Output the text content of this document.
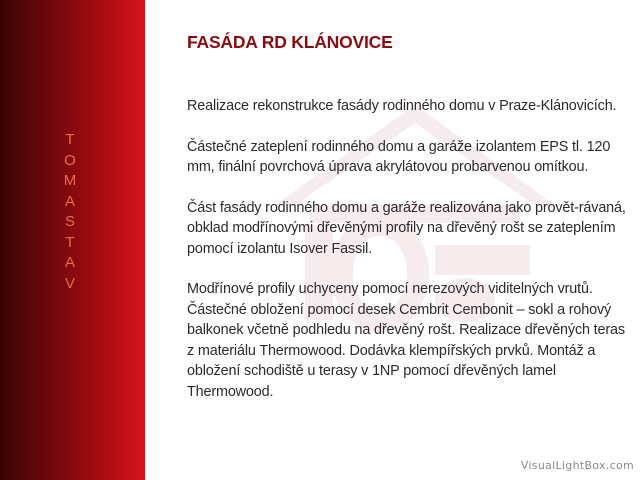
T
O
M
A
S
T
A
V
FASÁDA RD KLÁNOVICE

Realizace rekonstrukce fasády rodinného domu v Praze-Klánovicích.

Částečné zateplení rodinného domu a garáže izolantem EPS tl. 120 mm, finální povrchová úprava akrylátovou probarvenou omítkou.

Část fasády rodinného domu a garáže realizována jako provět-rávaná, obklad modřínovými dřevěnými profily na dřevěný rošt se zateplením pomocí izolantu Isover Fassil.

Modřínové profily uchyceny pomocí nerezových viditelných vrutů. Částečné obložení pomocí desek Cembrit Cembonit – sokl a rohový balkonek včetně podhledu na dřevěný rošt. Realizace dřevěných teras z materiálu Thermowood. Dodávka klempířských prvků. Montáž a obložení schodiště u terasy v 1NP pomocí dřevěných lamel Thermowood.

VisualLightBox.com
